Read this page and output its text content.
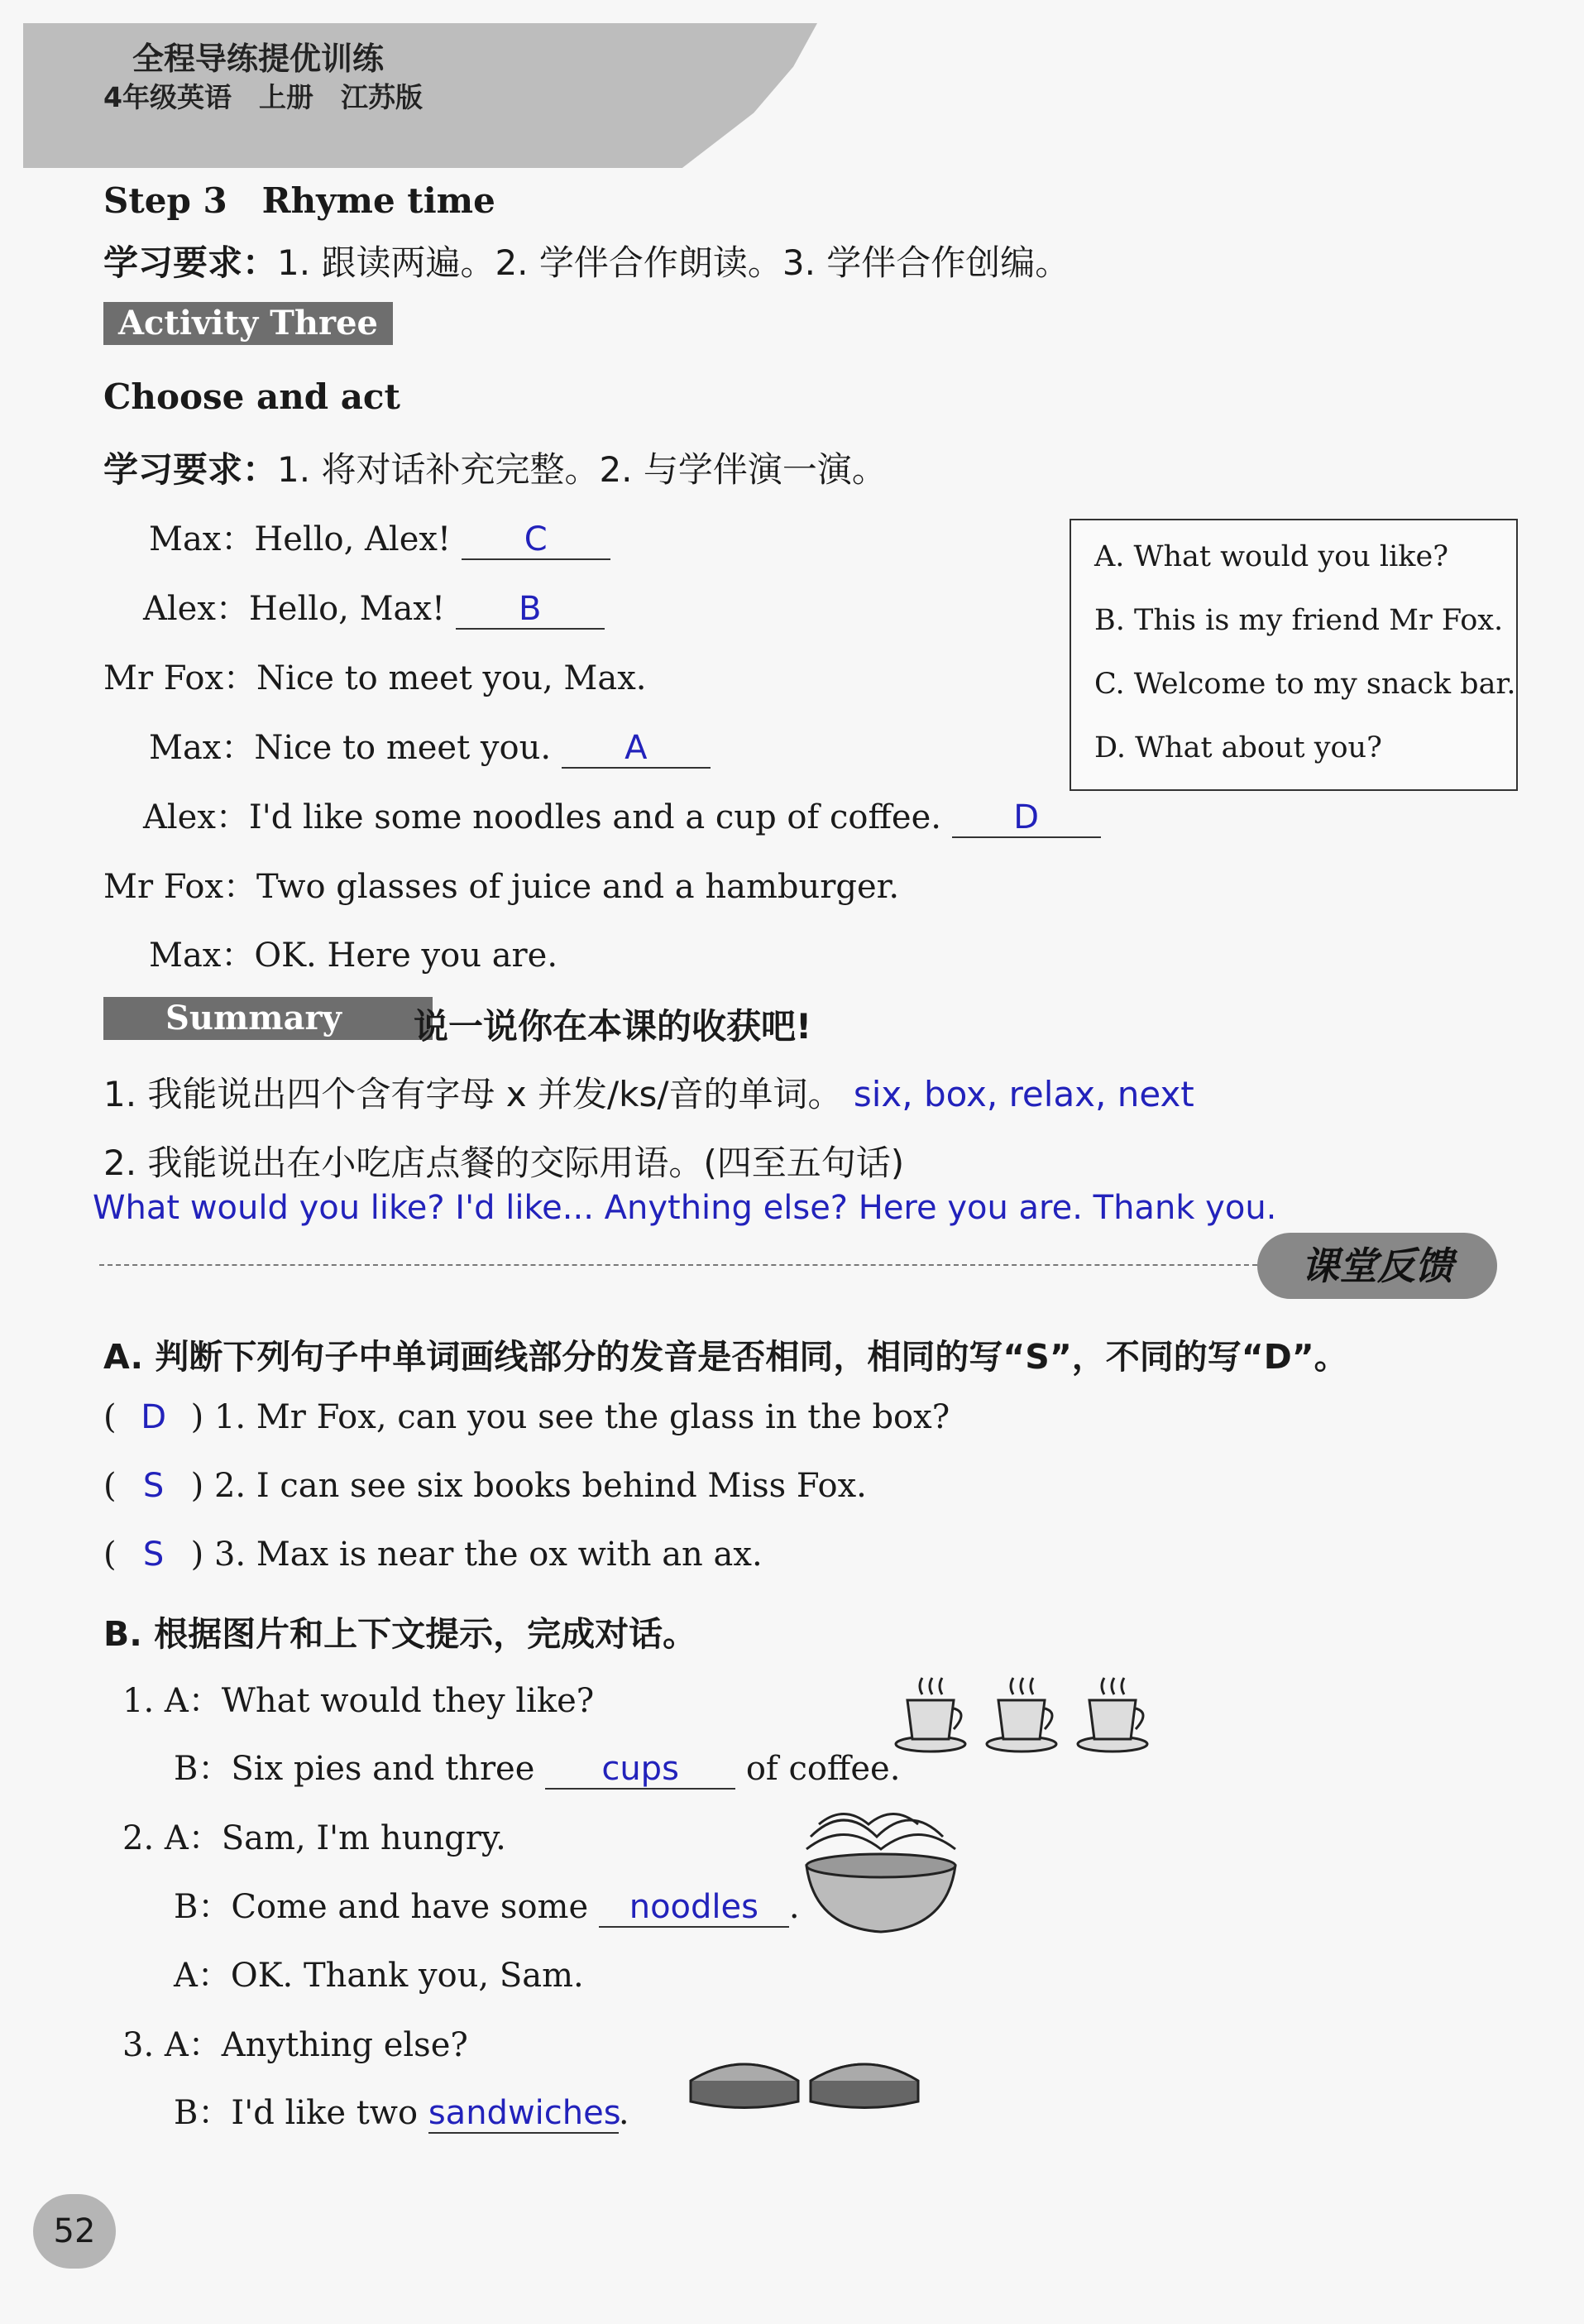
全程导练提优训练
4年级英语　上册　江苏版
Step 3　Rhyme time
学习要求：1. 跟读两遍。2. 学伴合作朗读。3. 学伴合作创编。
Activity Three
Choose and act
学习要求：1. 将对话补充完整。2. 与学伴演一演。
Max：Hello, Alex! C
Alex：Hello, Max! B
Mr Fox：Nice to meet you, Max.
Max：Nice to meet you. A
Alex：I'd like some noodles and a cup of coffee. D
Mr Fox：Two glasses of juice and a hamburger.
Max：OK. Here you are.
A. What would you like?
B. This is my friend Mr Fox.
C. Welcome to my snack bar.
D. What about you?
Summary	说一说你在本课的收获吧!
1. 我能说出四个含有字母 x 并发/ks/音的单词。 six, box, relax, next
2. 我能说出在小吃店点餐的交际用语。(四至五句话)
What would you like? I'd like... Anything else? Here you are. Thank you.
课堂反馈
A. 判断下列句子中单词画线部分的发音是否相同，相同的写“S”，不同的写“D”。
( D ) 1. Mr Fox, can you see the glass in the box?
( S ) 2. I can see six books behind Miss Fox.
( S ) 3. Max is near the ox with an ax.
B. 根据图片和上下文提示，完成对话。
1. A：What would they like?
B：Six pies and three cups of coffee.
2. A：Sam, I'm hungry.
B：Come and have some noodles .
A：OK. Thank you, Sam.
3. A：Anything else?
B：I'd like two sandwiches.
52
